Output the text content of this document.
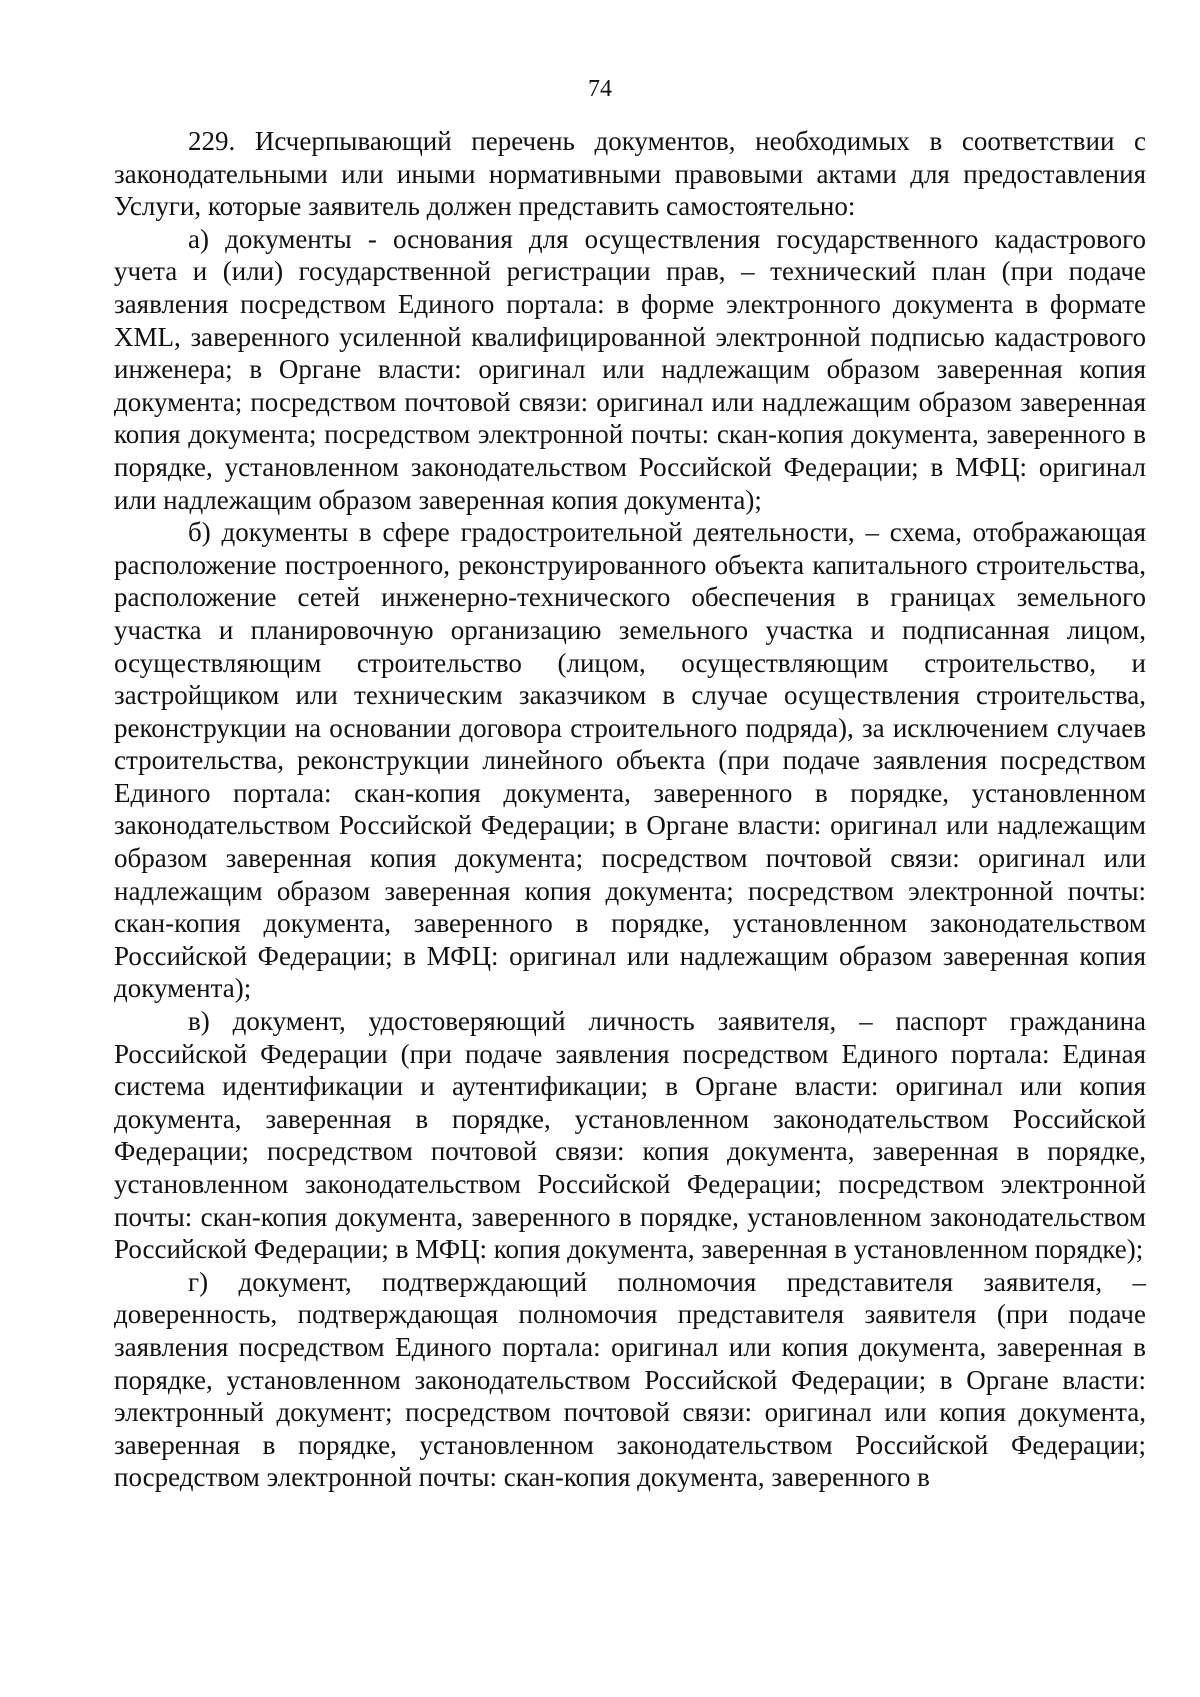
74

229. Исчерпывающий перечень документов, необходимых в соответствии с законодательными или иными нормативными правовыми актами для предоставления Услуги, которые заявитель должен представить самостоятельно:

а) документы - основания для осуществления государственного кадастрового учета и (или) государственной регистрации прав, – технический план (при подаче заявления посредством Единого портала: в форме электронного документа в формате XML, заверенного усиленной квалифицированной электронной подписью кадастрового инженера; в Органе власти: оригинал или надлежащим образом заверенная копия документа; посредством почтовой связи: оригинал или надлежащим образом заверенная копия документа; посредством электронной почты: скан-копия документа, заверенного в порядке, установленном законодательством Российской Федерации; в МФЦ: оригинал или надлежащим образом заверенная копия документа);

б) документы в сфере градостроительной деятельности, – схема, отображающая расположение построенного, реконструированного объекта капитального строительства, расположение сетей инженерно-технического обеспечения в границах земельного участка и планировочную организацию земельного участка и подписанная лицом, осуществляющим строительство (лицом, осуществляющим строительство, и застройщиком или техническим заказчиком в случае осуществления строительства, реконструкции на основании договора строительного подряда), за исключением случаев строительства, реконструкции линейного объекта (при подаче заявления посредством Единого портала: скан-копия документа, заверенного в порядке, установленном законодательством Российской Федерации; в Органе власти: оригинал или надлежащим образом заверенная копия документа; посредством почтовой связи: оригинал или надлежащим образом заверенная копия документа; посредством электронной почты: скан-копия документа, заверенного в порядке, установленном законодательством Российской Федерации; в МФЦ: оригинал или надлежащим образом заверенная копия документа);

в) документ, удостоверяющий личность заявителя, – паспорт гражданина Российской Федерации (при подаче заявления посредством Единого портала: Единая система идентификации и аутентификации; в Органе власти: оригинал или копия документа, заверенная в порядке, установленном законодательством Российской Федерации; посредством почтовой связи: копия документа, заверенная в порядке, установленном законодательством Российской Федерации; посредством электронной почты: скан-копия документа, заверенного в порядке, установленном законодательством Российской Федерации; в МФЦ: копия документа, заверенная в установленном порядке);

г) документ, подтверждающий полномочия представителя заявителя, – доверенность, подтверждающая полномочия представителя заявителя (при подаче заявления посредством Единого портала: оригинал или копия документа, заверенная в порядке, установленном законодательством Российской Федерации; в Органе власти: электронный документ; посредством почтовой связи: оригинал или копия документа, заверенная в порядке, установленном законодательством Российской Федерации; посредством электронной почты: скан-копия документа, заверенного в
